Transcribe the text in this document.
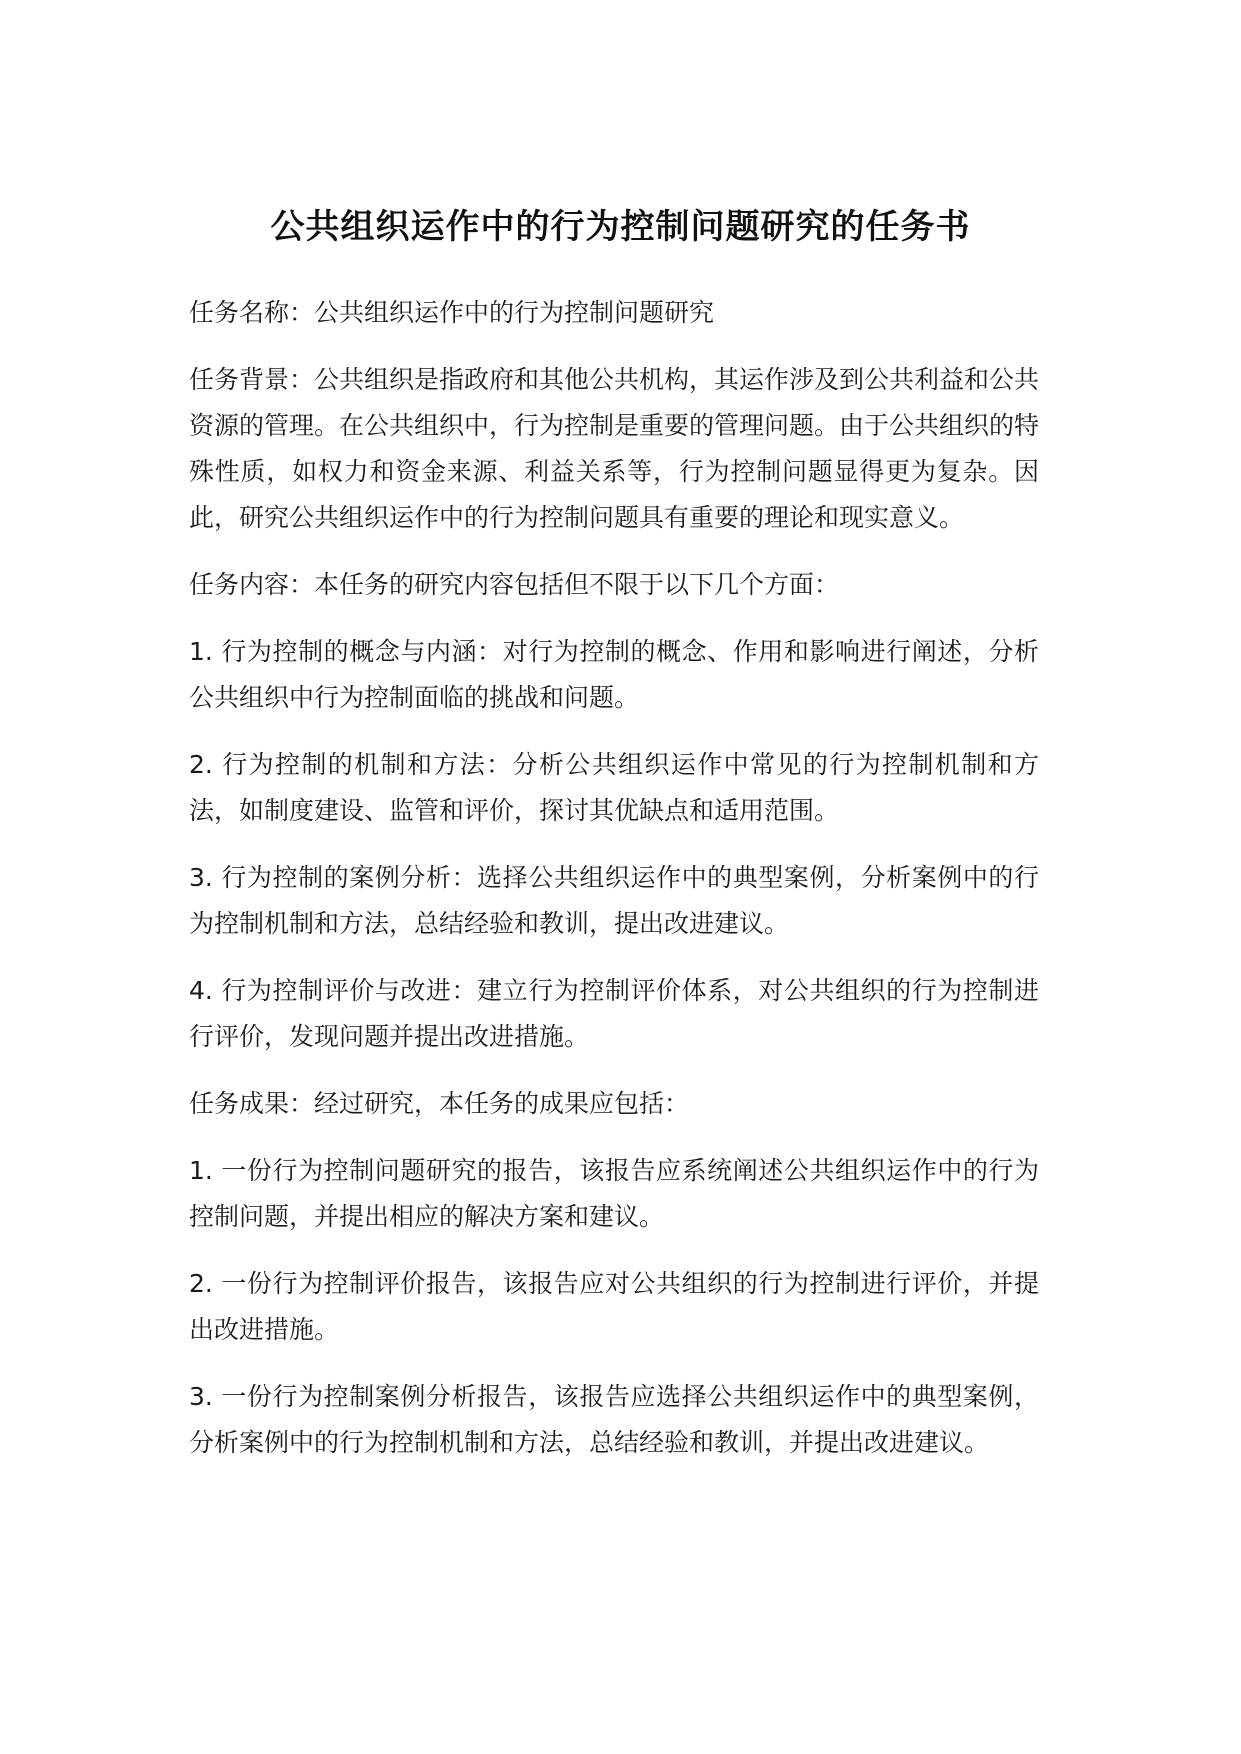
公共组织运作中的行为控制问题研究的任务书

任务名称：公共组织运作中的行为控制问题研究

任务背景：公共组织是指政府和其他公共机构，其运作涉及到公共利益和公共资源的管理。在公共组织中，行为控制是重要的管理问题。由于公共组织的特殊性质，如权力和资金来源、利益关系等，行为控制问题显得更为复杂。因此，研究公共组织运作中的行为控制问题具有重要的理论和现实意义。

任务内容：本任务的研究内容包括但不限于以下几个方面：

1. 行为控制的概念与内涵：对行为控制的概念、作用和影响进行阐述，分析公共组织中行为控制面临的挑战和问题。

2. 行为控制的机制和方法：分析公共组织运作中常见的行为控制机制和方法，如制度建设、监管和评价，探讨其优缺点和适用范围。

3. 行为控制的案例分析：选择公共组织运作中的典型案例，分析案例中的行为控制机制和方法，总结经验和教训，提出改进建议。

4. 行为控制评价与改进：建立行为控制评价体系，对公共组织的行为控制进行评价，发现问题并提出改进措施。

任务成果：经过研究，本任务的成果应包括：

1. 一份行为控制问题研究的报告，该报告应系统阐述公共组织运作中的行为控制问题，并提出相应的解决方案和建议。

2. 一份行为控制评价报告，该报告应对公共组织的行为控制进行评价，并提出改进措施。

3. 一份行为控制案例分析报告，该报告应选择公共组织运作中的典型案例，分析案例中的行为控制机制和方法，总结经验和教训，并提出改进建议。
